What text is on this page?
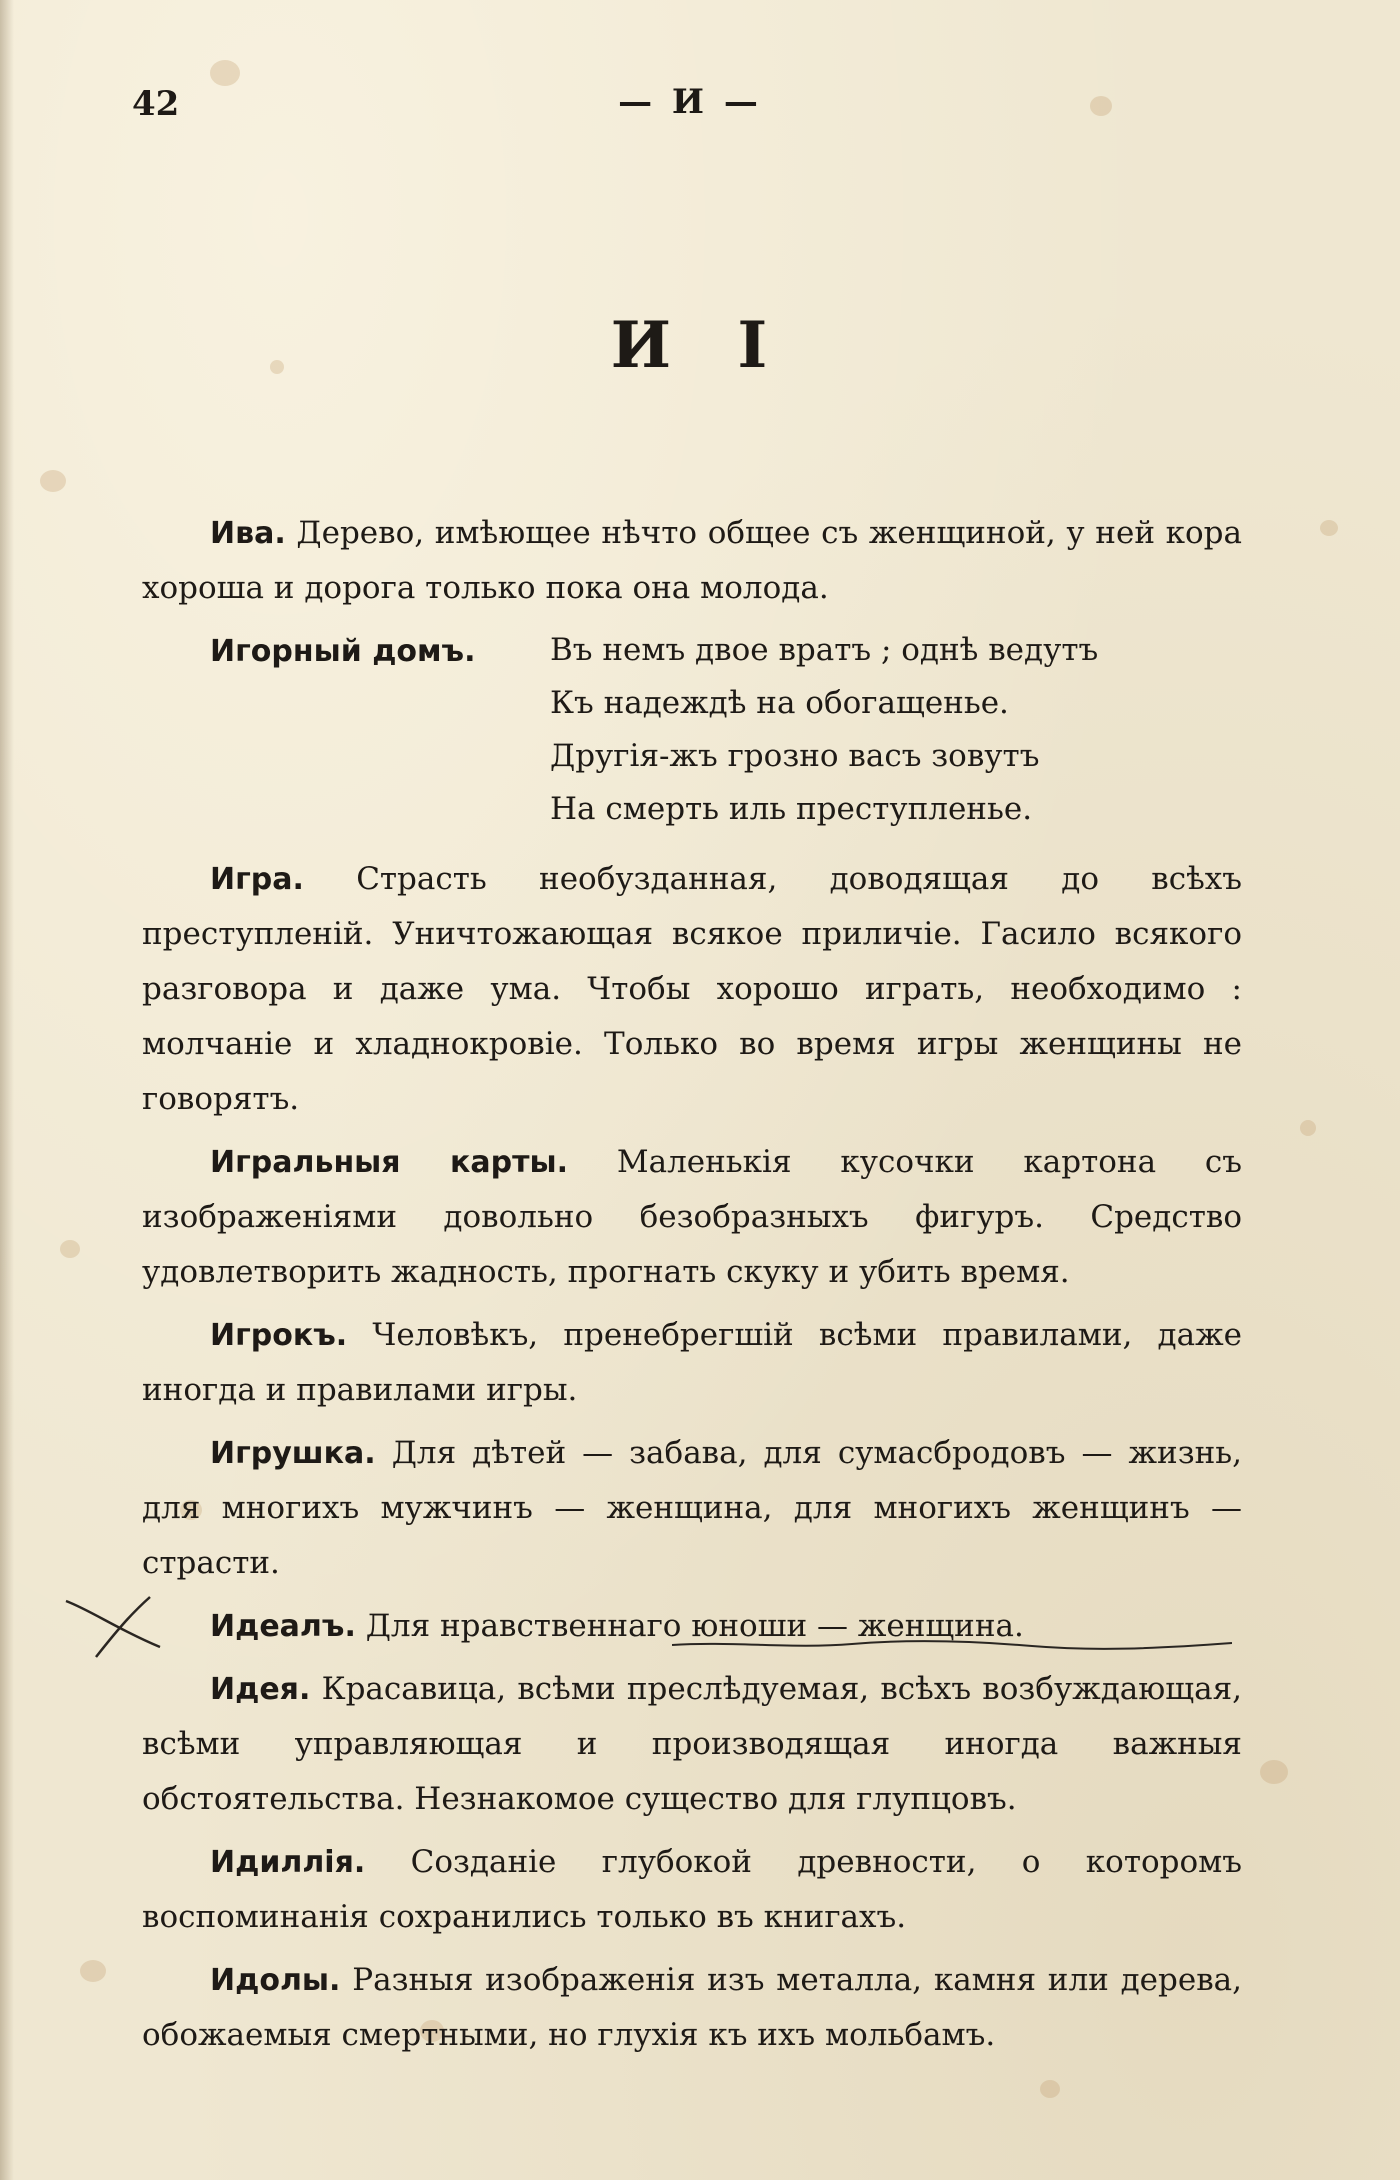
42	— И —
И І

Ива. Дерево, имѣющее нѣчто общее съ женщиной, у ней кора хороша и дорога только пока она молода.

Игорный домъ. Въ немъ двое вратъ ; однѣ ведутъ
Къ надеждѣ на обогащенье.
Другія-жъ грозно васъ зовутъ
На смерть иль преступленье.

Игра. Страсть необузданная, доводящая до всѣхъ преступленій. Уничтожающая всякое приличіе. Гасило всякого разговора и даже ума. Чтобы хорошо играть, необходимо : молчаніе и хладнокровіе. Только во время игры женщины не говорятъ.

Игральныя карты. Маленькія кусочки картона съ изображеніями довольно безобразныхъ фигуръ. Средство удовлетворить жадность, прогнать скуку и убить время.

Игрокъ. Человѣкъ, пренебрегшій всѣми правилами, даже иногда и правилами игры.

Игрушка. Для дѣтей — забава, для сумасбродовъ — жизнь, для многихъ мужчинъ — женщина, для многихъ женщинъ — страсти.

Идеалъ. Для нравственнаго юноши — женщина.

Идея. Красавица, всѣми преслѣдуемая, всѣхъ возбуждающая, всѣми управляющая и производящая иногда важныя обстоятельства. Незнакомое существо для глупцовъ.

Идиллія. Созданіе глубокой древности, о которомъ воспоминанія сохранились только въ книгахъ.

Идолы. Разныя изображенія изъ металла, камня или дерева, обожаемыя смертными, но глухія къ ихъ мольбамъ.
